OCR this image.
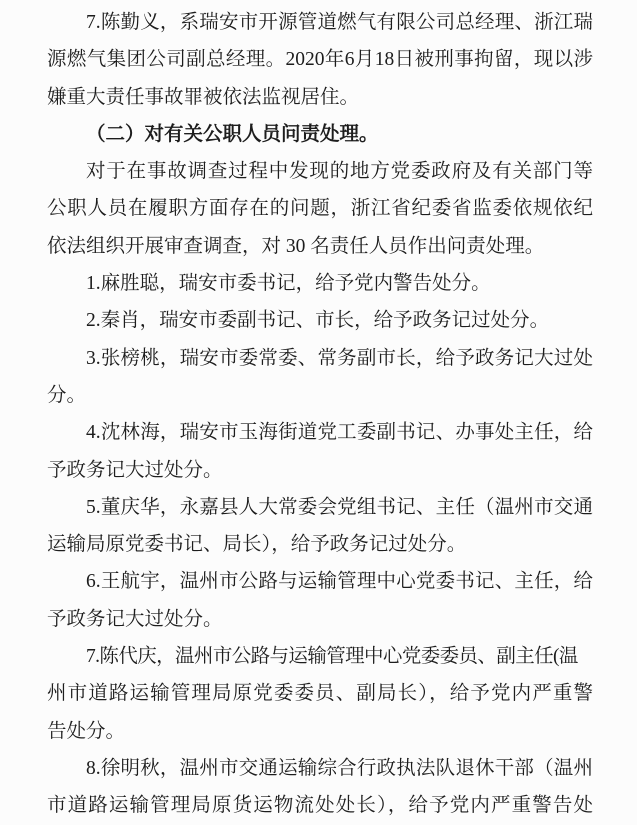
7.陈勤义，系瑞安市开源管道燃气有限公司总经理、浙江瑞
源燃气集团公司副总经理。2020年6月18日被刑事拘留，现以涉
嫌重大责任事故罪被依法监视居住。
（二）对有关公职人员问责处理。
对于在事故调查过程中发现的地方党委政府及有关部门等
公职人员在履职方面存在的问题，浙江省纪委省监委依规依纪
依法组织开展审查调查，对 30 名责任人员作出问责处理。
1.麻胜聪，瑞安市委书记，给予党内警告处分。
2.秦肖，瑞安市委副书记、市长，给予政务记过处分。
3.张榜桃，瑞安市委常委、常务副市长，给予政务记大过处
分。
4.沈林海，瑞安市玉海街道党工委副书记、办事处主任，给
予政务记大过处分。
5.董庆华，永嘉县人大常委会党组书记、主任（温州市交通
运输局原党委书记、局长），给予政务记过处分。
6.王航宇，温州市公路与运输管理中心党委书记、主任，给
予政务记大过处分。
7.陈代庆，温州市公路与运输管理中心党委委员、副主任(温
州市道路运输管理局原党委委员、副局长），给予党内严重警
告处分。
8.徐明秋，温州市交通运输综合行政执法队退休干部（温州
市道路运输管理局原货运物流处处长），给予党内严重警告处
